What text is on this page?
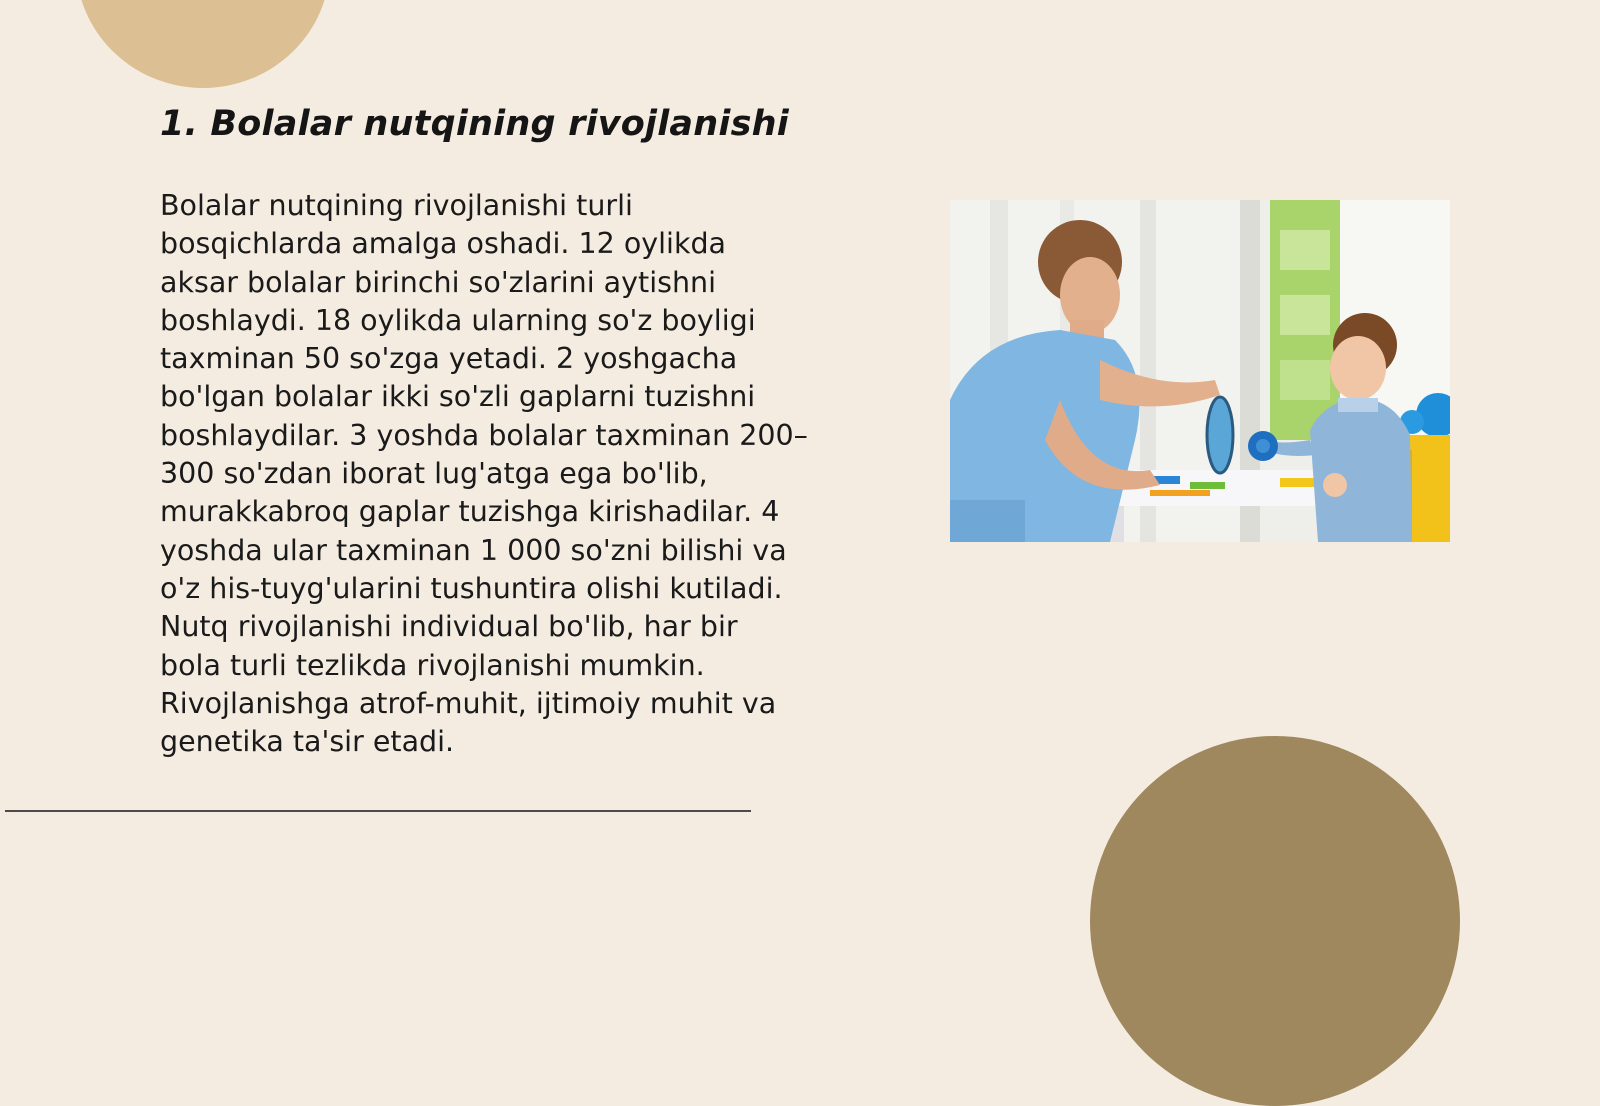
1. Bolalar nutqining rivojlanishi
Bolalar nutqining rivojlanishi turli
bosqichlarda amalga oshadi. 12 oylikda
aksar bolalar birinchi so'zlarini aytishni
boshlaydi. 18 oylikda ularning so'z boyligi
taxminan 50 so'zga yetadi. 2 yoshgacha
bo'lgan bolalar ikki so'zli gaplarni tuzishni
boshlaydilar. 3 yoshda bolalar taxminan 200–
300 so'zdan iborat lug'atga ega bo'lib,
murakkabroq gaplar tuzishga kirishadilar. 4
yoshda ular taxminan 1 000 so'zni bilishi va
o'z his-tuyg'ularini tushuntira olishi kutiladi.
Nutq rivojlanishi individual bo'lib, har bir
bola turli tezlikda rivojlanishi mumkin.
Rivojlanishga atrof-muhit, ijtimoiy muhit va
genetika ta'sir etadi.
